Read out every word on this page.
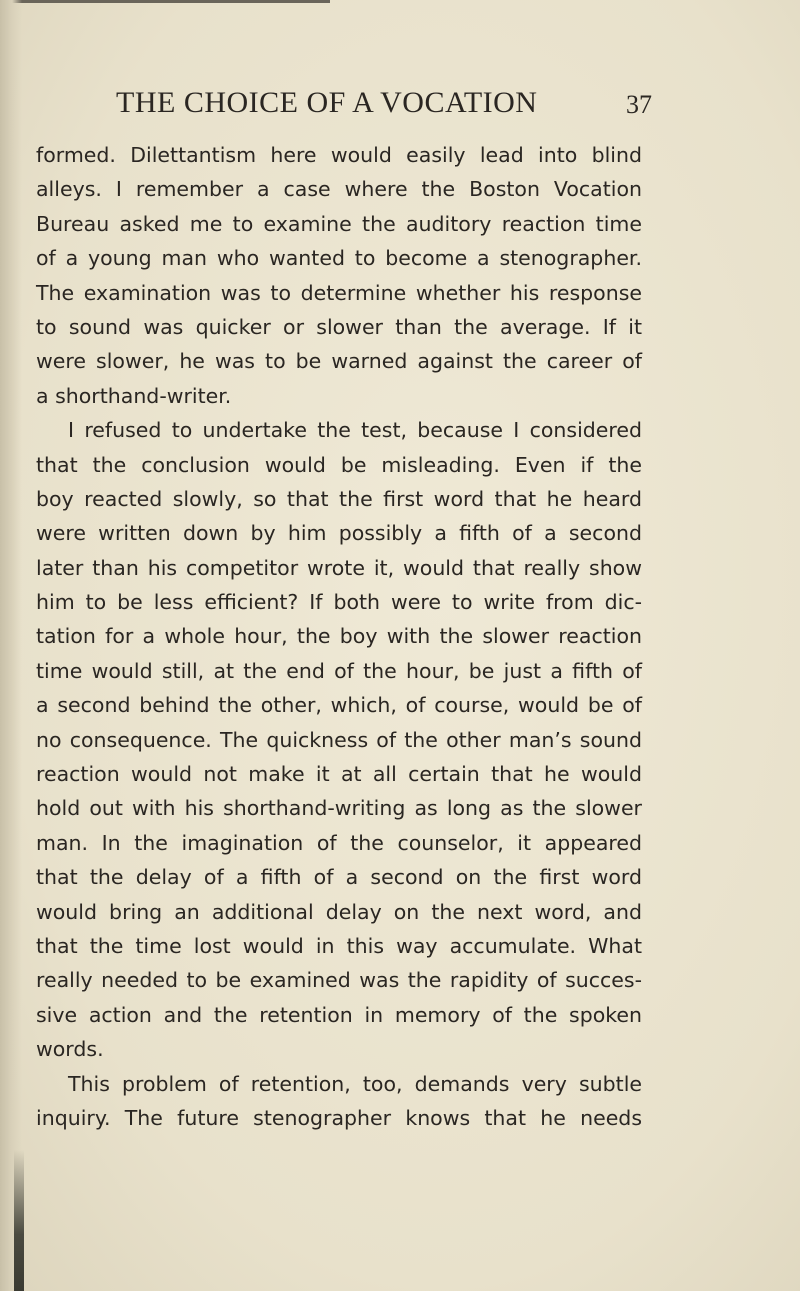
THE CHOICE OF A VOCATION	37
formed. Dilettantism here would easily lead into blind
alleys. I remember a case where the Boston Vocation
Bureau asked me to examine the auditory reaction time
of a young man who wanted to become a stenographer.
The examination was to determine whether his response
to sound was quicker or slower than the average. If it
were slower, he was to be warned against the career of
a shorthand-writer.
I refused to undertake the test, because I considered
that the conclusion would be misleading. Even if the
boy reacted slowly, so that the first word that he heard
were written down by him possibly a fifth of a second
later than his competitor wrote it, would that really show
him to be less efficient? If both were to write from dic-
tation for a whole hour, the boy with the slower reaction
time would still, at the end of the hour, be just a fifth of
a second behind the other, which, of course, would be of
no consequence. The quickness of the other man’s sound
reaction would not make it at all certain that he would
hold out with his shorthand-writing as long as the slower
man. In the imagination of the counselor, it appeared
that the delay of a fifth of a second on the first word
would bring an additional delay on the next word, and
that the time lost would in this way accumulate. What
really needed to be examined was the rapidity of succes-
sive action and the retention in memory of the spoken
words.
This problem of retention, too, demands very subtle
inquiry. The future stenographer knows that he needs
